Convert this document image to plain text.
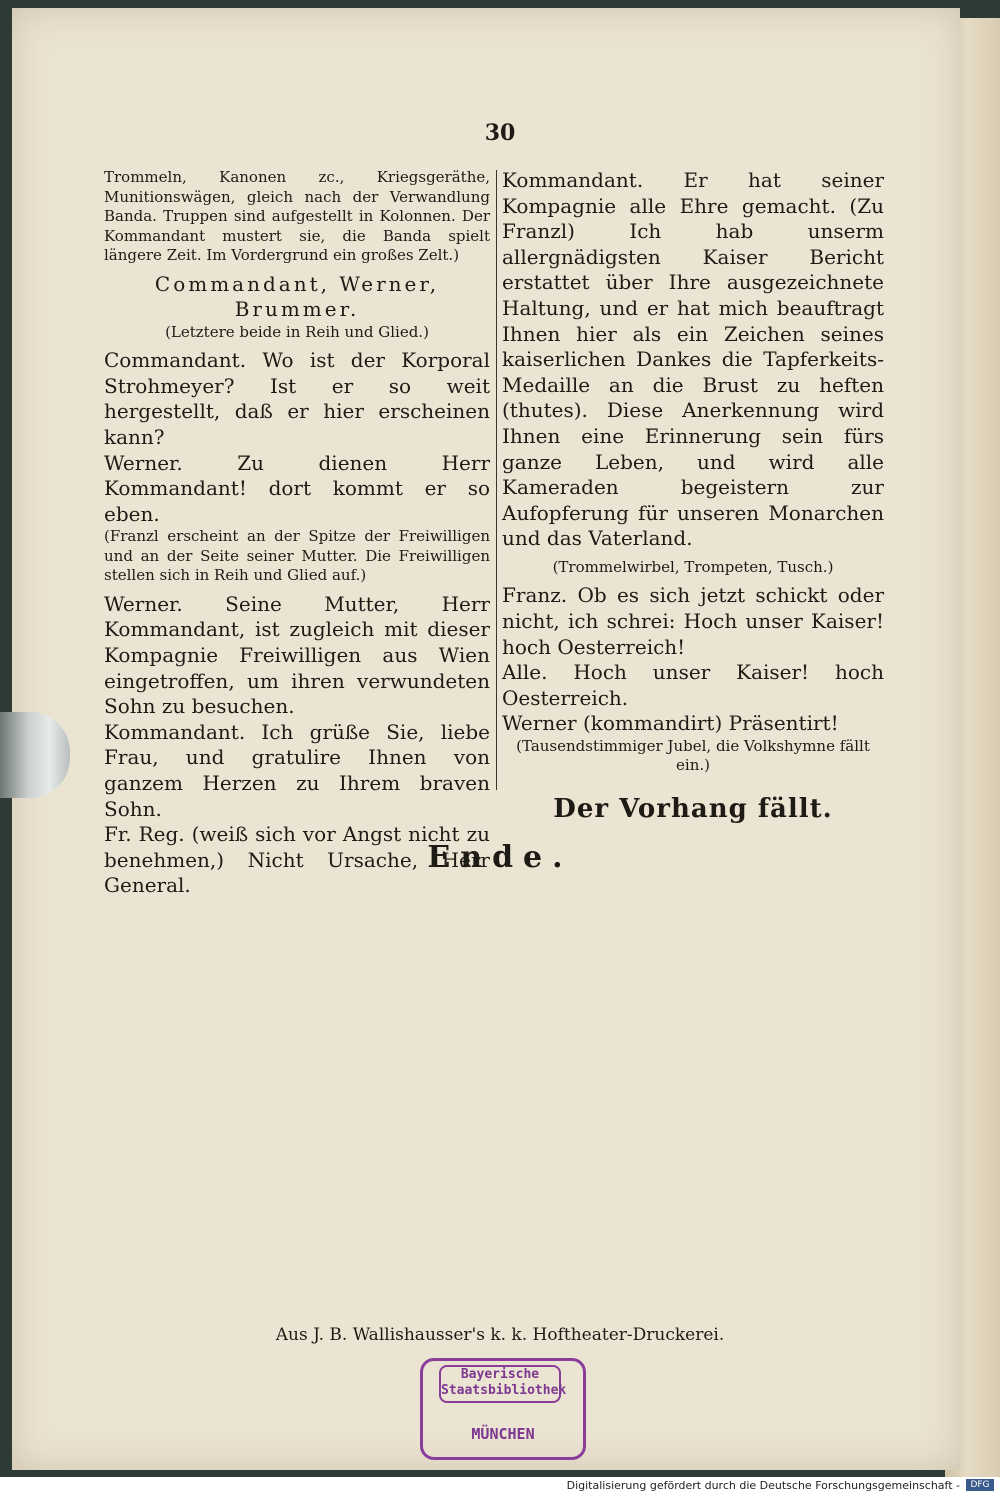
30

Trommeln, Kanonen zc., Kriegsgeräthe, Munitionswägen, gleich nach der Verwandlung Banda. Truppen sind aufgestellt in Kolonnen. Der Kommandant mustert sie, die Banda spielt längere Zeit. Im Vordergrund ein großes Zelt.)

Commandant, Werner, Brummer.

(Letztere beide in Reih und Glied.)

Commandant. Wo ist der Korporal Strohmeyer? Ist er so weit hergestellt, daß er hier erscheinen kann?

Werner. Zu dienen Herr Kommandant! dort kommt er so eben.

(Franzl erscheint an der Spitze der Freiwilligen und an der Seite seiner Mutter. Die Freiwilligen stellen sich in Reih und Glied auf.)

Werner. Seine Mutter, Herr Kommandant, ist zugleich mit dieser Kompagnie Freiwilligen aus Wien eingetroffen, um ihren verwundeten Sohn zu besuchen.

Kommandant. Ich grüße Sie, liebe Frau, und gratulire Ihnen von ganzem Herzen zu Ihrem braven Sohn.

Fr. Reg. (weiß sich vor Angst nicht zu benehmen,) Nicht Ursache, Herr General.

Kommandant. Er hat seiner Kompagnie alle Ehre gemacht. (Zu Franzl) Ich hab unserm allergnädigsten Kaiser Bericht erstattet über Ihre ausgezeichnete Haltung, und er hat mich beauftragt Ihnen hier als ein Zeichen seines kaiserlichen Dankes die Tapferkeits-Medaille an die Brust zu heften (thutes). Diese Anerkennung wird Ihnen eine Erinnerung sein fürs ganze Leben, und wird alle Kameraden begeistern zur Aufopferung für unseren Monarchen und das Vaterland.

(Trommelwirbel, Trompeten, Tusch.)

Franz. Ob es sich jetzt schickt oder nicht, ich schrei: Hoch unser Kaiser! hoch Oesterreich!

Alle. Hoch unser Kaiser! hoch Oesterreich.

Werner (kommandirt) Präsentirt!

(Tausendstimmiger Jubel, die Volkshymne fällt ein.)

Der Vorhang fällt.

Ende.
Aus J. B. Wallishausser's k. k. Hoftheater-Druckerei.
Bayerische
Staatsbibliothek
MÜNCHEN
Digitalisierung gefördert durch die Deutsche Forschungsgemeinschaft -	DFG
